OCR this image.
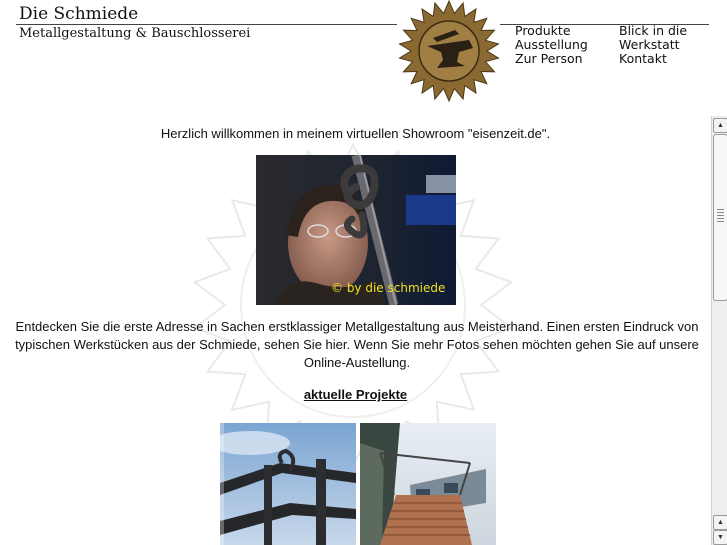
Die Schmiede
Metallgestaltung & Bauschlosserei	Produkte
Ausstellung
Zur Person
Blick in die
Werkstatt
Kontakt
Herzlich willkommen in meinem virtuellen Showroom "eisenzeit.de".
© by die schmiede
Entdecken Sie die erste Adresse in Sachen erstklassiger Metallgestaltung aus Meisterhand. Einen ersten Eindruck von typischen Werkstücken aus der Schmiede, sehen Sie hier. Wenn Sie mehr Fotos sehen möchten gehen Sie auf unsere Online-Austellung.
aktuelle Projekte
▲
▲
▼
